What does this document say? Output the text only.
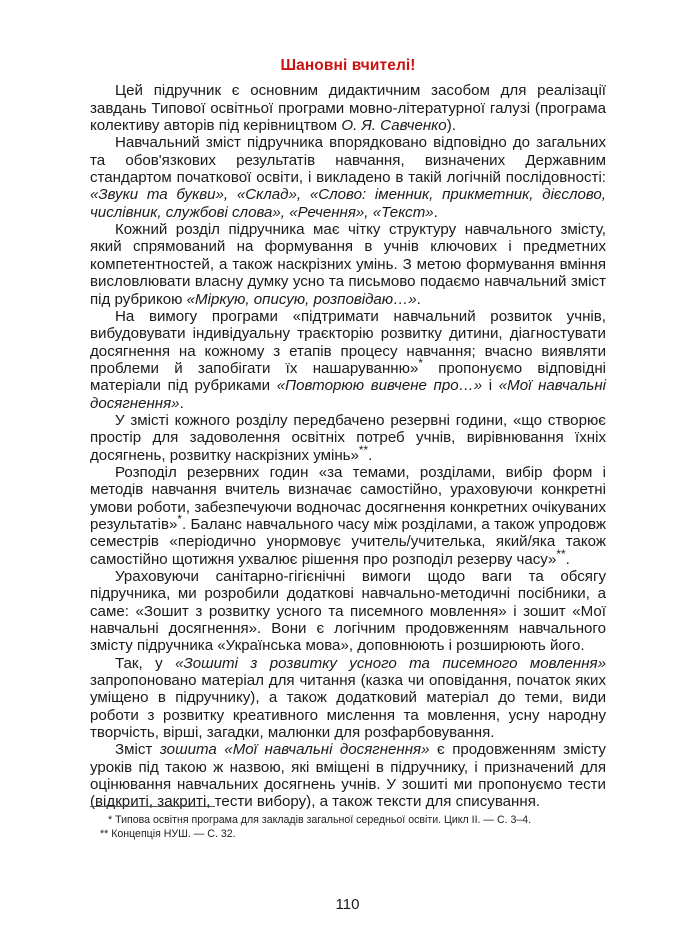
Шановні вчителі!

Цей підручник є основним дидактичним засобом для реалізації завдань Типової освітньої програми мовно-літературної галузі (програма колективу авторів під керівництвом О. Я. Савченко).

Навчальний зміст підручника впорядковано відповідно до загальних та обов'язкових результатів навчання, визначених Державним стандартом початкової освіти, і викладено в такій логічній послідовності: «Звуки та букви», «Склад», «Слово: іменник, прикметник, дієслово, числівник, службові слова», «Речення», «Текст».

Кожний розділ підручника має чітку структуру навчального змісту, який спрямований на формування в учнів ключових і предметних компетентностей, а також наскрізних умінь. З метою формування вміння висловлювати власну думку усно та письмово подаємо навчальний зміст під рубрикою «Міркую, описую, розповідаю…».

На вимогу програми «підтримати навчальний розвиток учнів, вибудовувати індивідуальну траєкторію розвитку дитини, діагностувати досягнення на кожному з етапів процесу навчання; вчасно виявляти проблеми й запобігати їх нашаруванню»* пропонуємо відповідні матеріали під рубриками «Повторюю вивчене про…» і «Мої навчальні досягнення».

У змісті кожного розділу передбачено резервні години, «що створює простір для задоволення освітніх потреб учнів, вирівнювання їхніх досягнень, розвитку наскрізних умінь»**.

Розподіл резервних годин «за темами, розділами, вибір форм і методів навчання вчитель визначає самостійно, ураховуючи конкретні умови роботи, забезпечуючи водночас досягнення конкретних очікуваних результатів»*. Баланс навчального часу між розділами, а також упродовж семестрів «періодично унормовує учитель/учителька, який/яка також самостійно щотижня ухвалює рішення про розподіл резерву часу»**.

Ураховуючи санітарно-гігієнічні вимоги щодо ваги та обсягу підручника, ми розробили додаткові навчально-методичні посібники, а саме: «Зошит з розвитку усного та писемного мовлення» і зошит «Мої навчальні досягнення». Вони є логічним продовженням навчального змісту підручника «Українська мова», доповнюють і розширюють його.

Так, у «Зошиті з розвитку усного та писемного мовлення» запропоновано матеріал для читання (казка чи оповідання, початок яких уміщено в підручнику), а також додатковий матеріал до теми, види роботи з розвитку креативного мислення та мовлення, усну народну творчість, вірші, загадки, малюнки для розфарбовування.

Зміст зошита «Мої навчальні досягнення» є продовженням змісту уроків під такою ж назвою, які вміщені в підручнику, і призначений для оцінювання навчальних досягнень учнів. У зошиті ми пропонуємо тести (відкриті, закриті, тести вибору), а також тексти для списування.

* Типова освітня програма для закладів загальної середньої освіти. Цикл II. — С. 3–4.

** Концепція НУШ. — С. 32.

110
